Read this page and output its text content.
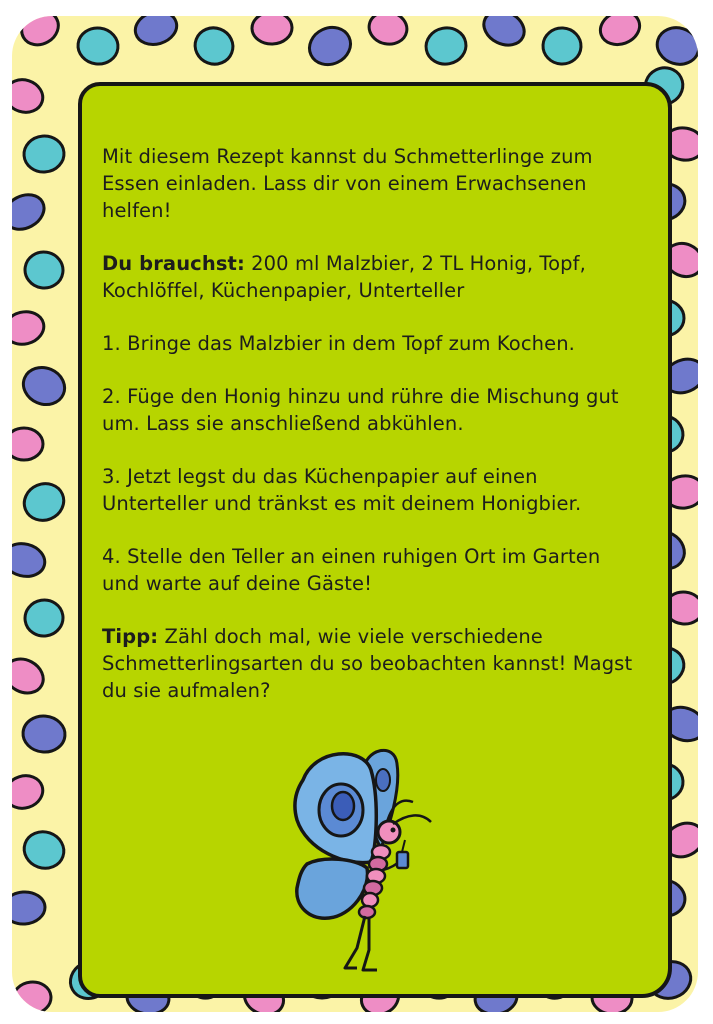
Mit diesem Rezept kannst du Schmetterlinge zum Essen einladen. Lass dir von einem Erwachsenen helfen!

Du brauchst: 200 ml Malzbier, 2 TL Honig, Topf, Kochlöffel, Küchenpapier, Unterteller

1. Bringe das Malzbier in dem Topf zum Kochen.

2. Füge den Honig hinzu und rühre die Mischung gut um. Lass sie anschließend abkühlen.

3. Jetzt legst du das Küchenpapier auf einen Unterteller und tränkst es mit deinem Honigbier.

4. Stelle den Teller an einen ruhigen Ort im Garten und warte auf deine Gäste!

Tipp: Zähl doch mal, wie viele verschiedene Schmetterlingsarten du so beobachten kannst! Magst du sie aufmalen?
